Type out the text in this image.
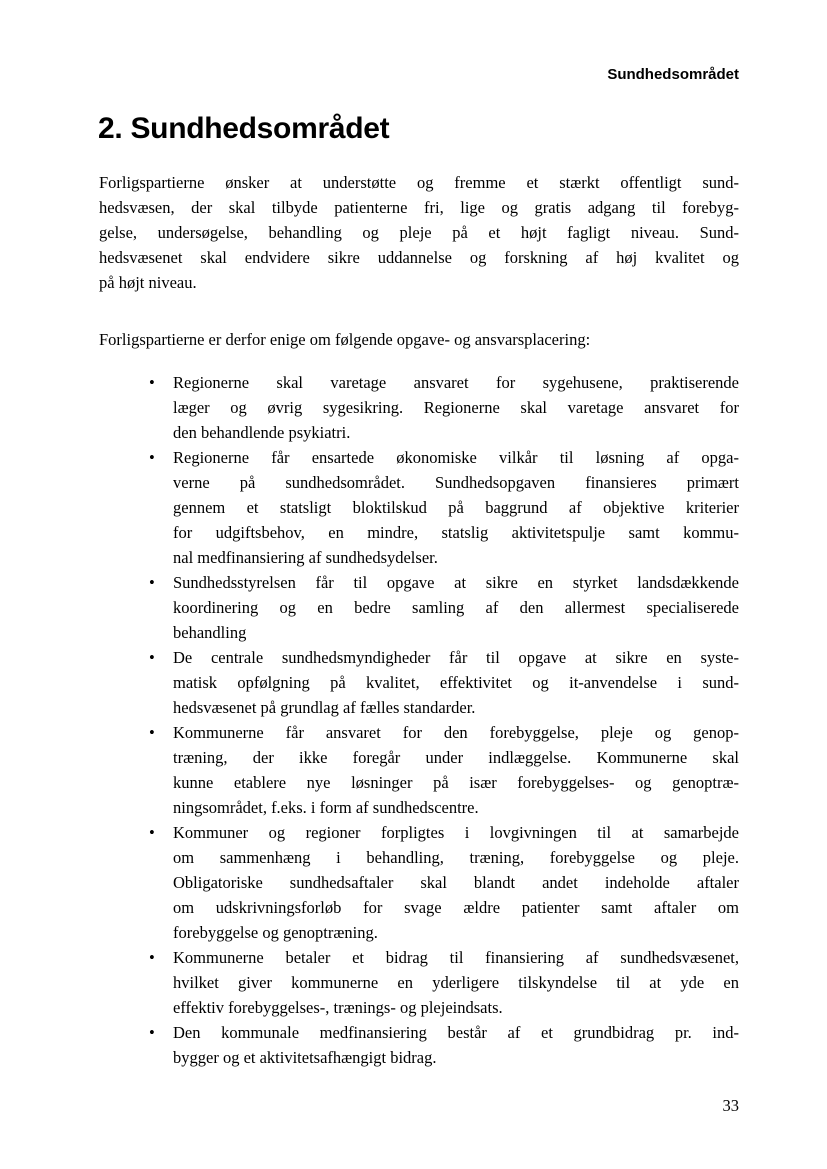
Sundhedsområdet
2. Sundhedsområdet
Forligspartierne ønsker at understøtte og fremme et stærkt offentligt sund-
hedsvæsen, der skal tilbyde patienterne fri, lige og gratis adgang til forebyg-
gelse, undersøgelse, behandling og pleje på et højt fagligt niveau. Sund-
hedsvæsenet skal endvidere sikre uddannelse og forskning af høj kvalitet og
på højt niveau.
Forligspartierne er derfor enige om følgende opgave- og ansvarsplacering:
•	Regionerne skal varetage ansvaret for sygehusene, praktiserende
læger og øvrig sygesikring. Regionerne skal varetage ansvaret for
den behandlende psykiatri.
•	Regionerne får ensartede økonomiske vilkår til løsning af opga-
verne på sundhedsområdet. Sundhedsopgaven finansieres primært
gennem et statsligt bloktilskud på baggrund af objektive kriterier
for udgiftsbehov, en mindre, statslig aktivitetspulje samt kommu-
nal medfinansiering af sundhedsydelser.
•	Sundhedsstyrelsen får til opgave at sikre en styrket landsdækkende
koordinering og en bedre samling af den allermest specialiserede
behandling
•	De centrale sundhedsmyndigheder får til opgave at sikre en syste-
matisk opfølgning på kvalitet, effektivitet og it-anvendelse i sund-
hedsvæsenet på grundlag af fælles standarder.
•	Kommunerne får ansvaret for den forebyggelse, pleje og genop-
træning, der ikke foregår under indlæggelse. Kommunerne skal
kunne etablere nye løsninger på især forebyggelses- og genoptræ-
ningsområdet, f.eks. i form af sundhedscentre.
•	Kommuner og regioner forpligtes i lovgivningen til at samarbejde
om sammenhæng i behandling, træning, forebyggelse og pleje.
Obligatoriske sundhedsaftaler skal blandt andet indeholde aftaler
om udskrivningsforløb for svage ældre patienter samt aftaler om
forebyggelse og genoptræning.
•	Kommunerne betaler et bidrag til finansiering af sundhedsvæsenet,
hvilket giver kommunerne en yderligere tilskyndelse til at yde en
effektiv forebyggelses-, trænings- og plejeindsats.
•	Den kommunale medfinansiering består af et grundbidrag pr. ind-
bygger og et aktivitetsafhængigt bidrag.
33
